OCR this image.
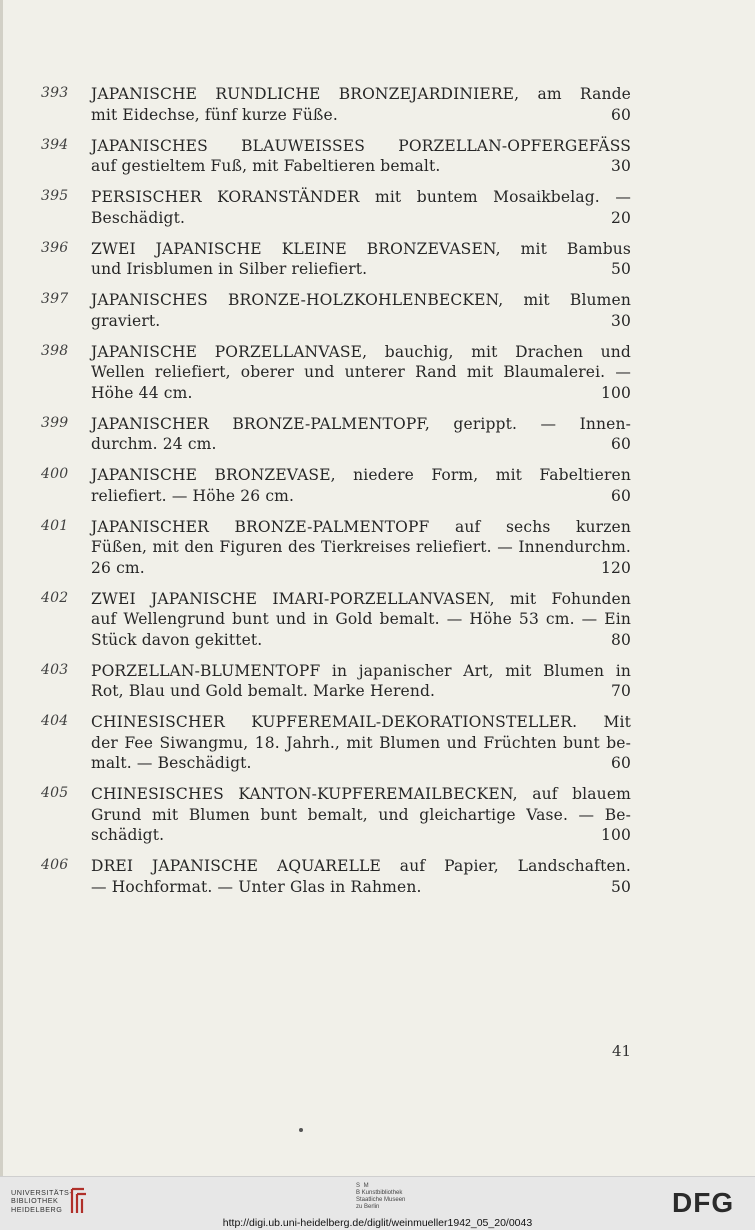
393	JAPANISCHE RUNDLICHE BRONZEJARDINIERE, am Rande
mit Eidechse, fünf kurze Füße.	60
394	JAPANISCHES BLAUWEISSES PORZELLAN-OPFERGEFÄSS
auf gestieltem Fuß, mit Fabeltieren bemalt.	30
395	PERSISCHER KORANSTÄNDER mit buntem Mosaikbelag. —
Beschädigt.	20
396	ZWEI JAPANISCHE KLEINE BRONZEVASEN, mit Bambus
und Irisblumen in Silber reliefiert.	50
397	JAPANISCHES BRONZE-HOLZKOHLENBECKEN, mit Blumen
graviert.	30
398	JAPANISCHE PORZELLANVASE, bauchig, mit Drachen und
Wellen reliefiert, oberer und unterer Rand mit Blaumalerei. —
Höhe 44 cm.	100
399	JAPANISCHER BRONZE-PALMENTOPF, gerippt. — Innen-
durchm. 24 cm.	60
400	JAPANISCHE BRONZEVASE, niedere Form, mit Fabeltieren
reliefiert. — Höhe 26 cm.	60
401	JAPANISCHER BRONZE-PALMENTOPF auf sechs kurzen
Füßen, mit den Figuren des Tierkreises reliefiert. — Innendurchm.
26 cm.	120
402	ZWEI JAPANISCHE IMARI-PORZELLANVASEN, mit Fohunden
auf Wellengrund bunt und in Gold bemalt. — Höhe 53 cm. — Ein
Stück davon gekittet.	80
403	PORZELLAN-BLUMENTOPF in japanischer Art, mit Blumen in
Rot, Blau und Gold bemalt. Marke Herend.	70
404	CHINESISCHER KUPFEREMAIL-DEKORATIONSTELLER. Mit
der Fee Siwangmu, 18. Jahrh., mit Blumen und Früchten bunt be-
malt. — Beschädigt.	60
405	CHINESISCHES KANTON-KUPFEREMAILBECKEN, auf blauem
Grund mit Blumen bunt bemalt, und gleichartige Vase. — Be-
schädigt.	100
406	DREI JAPANISCHE AQUARELLE auf Papier, Landschaften.
— Hochformat. — Unter Glas in Rahmen.	50
41
UNIVERSITÄTS-
BIBLIOTHEK
HEIDELBERG
S M
B Kunstbibliothek
Staatliche Museen
zu Berlin	DFG
http://digi.ub.uni-heidelberg.de/diglit/weinmueller1942_05_20/0043
